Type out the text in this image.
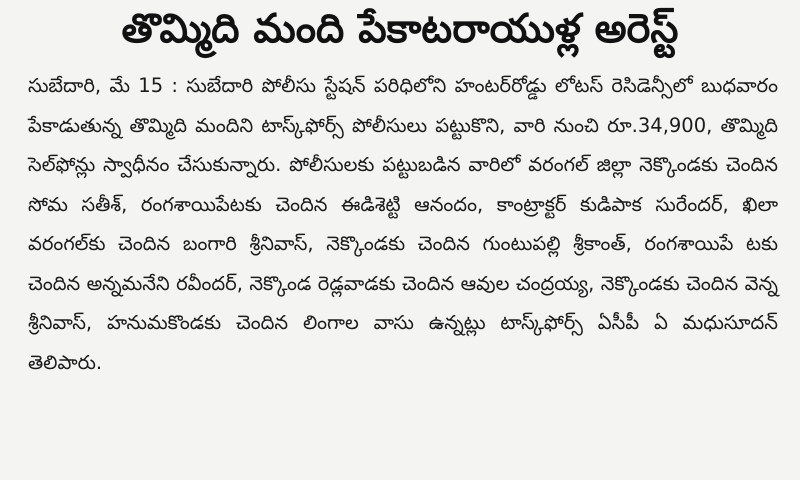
తొమ్మిది మంది పేకాటరాయుళ్ల అరెస్ట్
సుబేదారి, మే 15 : సుబేదారి పోలీసు స్టేషన్ పరిధిలోని హంటర్‌రోడ్డు లోటస్ రెసిడెన్సీలో బుధవారం పేకాడుతున్న తొమ్మిది మందిని టాస్క్‌ఫోర్స్ పోలీసులు పట్టుకొని, వారి నుంచి రూ.34,900, తొమ్మిది సెల్‌ఫోన్లు స్వాధీనం చేసుకున్నారు. పోలీసులకు పట్టుబడిన వారిలో వరంగల్ జిల్లా నెక్కొండకు చెందిన సోమ సతీశ్, రంగశాయిపేటకు చెందిన ఈడిశెట్టి ఆనందం, కాంట్రాక్టర్ కుడిపాక సురేందర్, ఖిలా వరంగల్‌కు చెందిన బంగారి శ్రీనివాస్, నెక్కొండకు చెందిన గుంటుపల్లి శ్రీకాంత్, రంగశాయిపే టకు చెందిన అన్నమనేని రవీందర్, నెక్కొండ రెడ్లవాడకు చెందిన ఆవుల చంద్రయ్య, నెక్కొండకు చెందిన వెన్న శ్రీనివాస్, హనుమకొండకు చెందిన లింగాల వాసు ఉన్నట్లు టాస్క్‌ఫోర్స్ ఏసీపీ ఏ మధుసూదన్ తెలిపారు.
